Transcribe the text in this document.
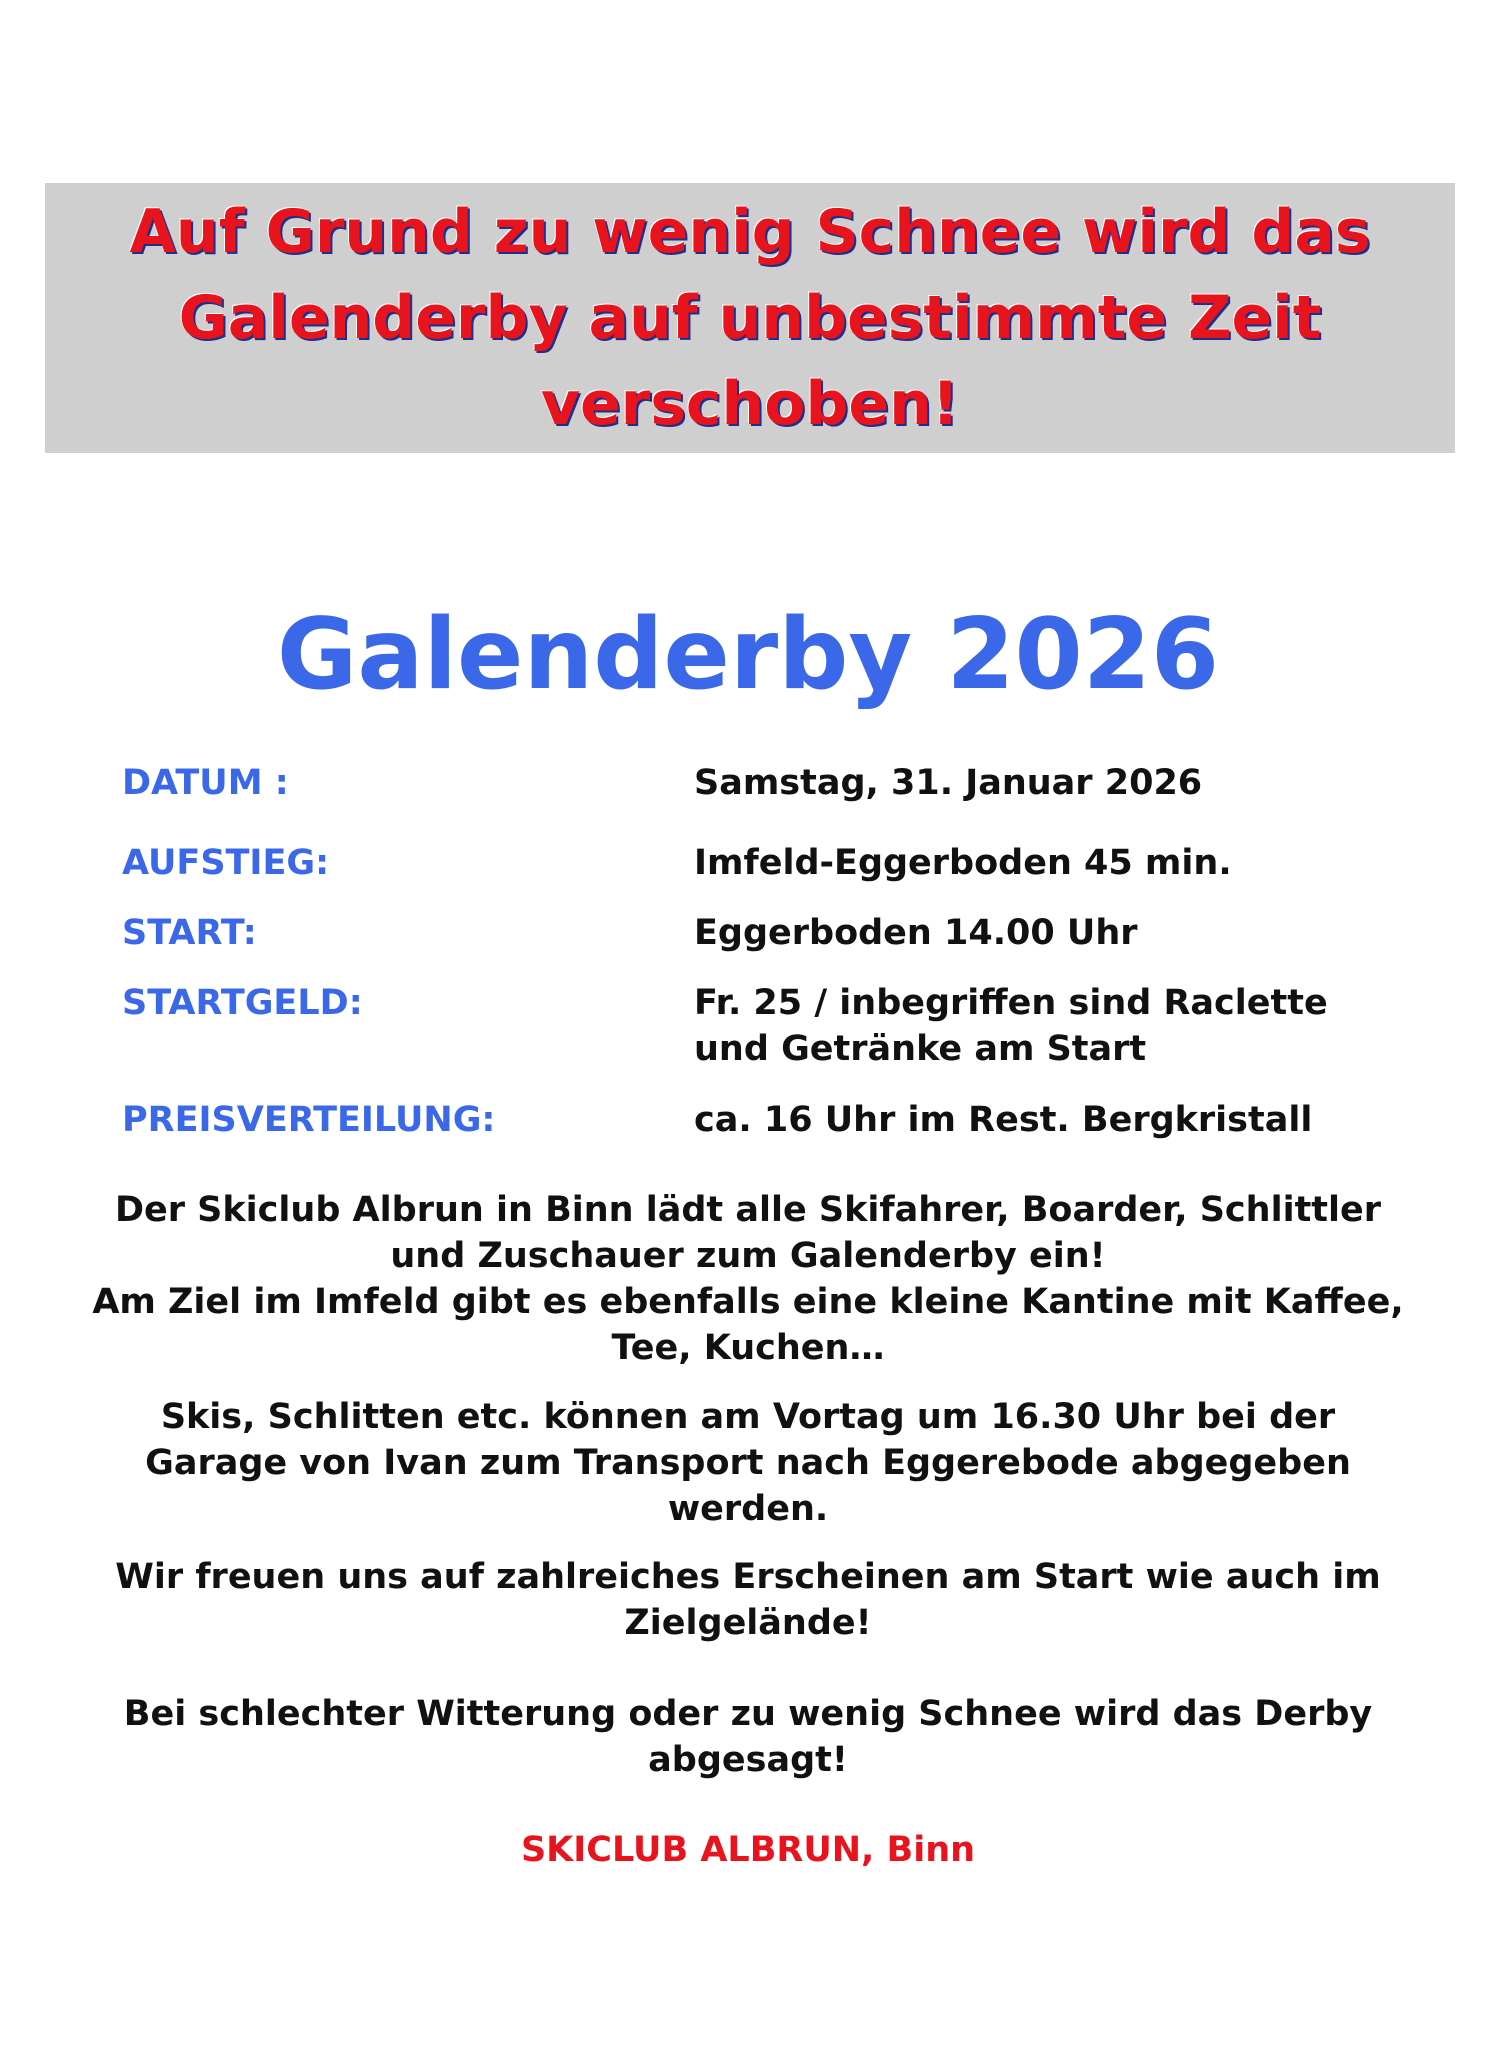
Auf Grund zu wenig Schnee wird das
Galenderby auf unbestimmte Zeit
verschoben!
Galenderby 2026
DATUM :	Samstag, 31. Januar 2026
AUFSTIEG:	Imfeld-Eggerboden 45 min.
START:	Eggerboden 14.00 Uhr
STARTGELD:	Fr. 25 / inbegriffen sind Raclette
und Getränke am Start
PREISVERTEILUNG:	ca. 16 Uhr im Rest. Bergkristall
Der Skiclub Albrun in Binn lädt alle Skifahrer, Boarder, Schlittler
und Zuschauer zum Galenderby ein!
Am Ziel im Imfeld gibt es ebenfalls eine kleine Kantine mit Kaffee,
Tee, Kuchen…
Skis, Schlitten etc. können am Vortag um 16.30 Uhr bei der
Garage von Ivan zum Transport nach Eggerebode abgegeben
werden.
Wir freuen uns auf zahlreiches Erscheinen am Start wie auch im
Zielgelände!
Bei schlechter Witterung oder zu wenig Schnee wird das Derby
abgesagt!
SKICLUB ALBRUN, Binn
